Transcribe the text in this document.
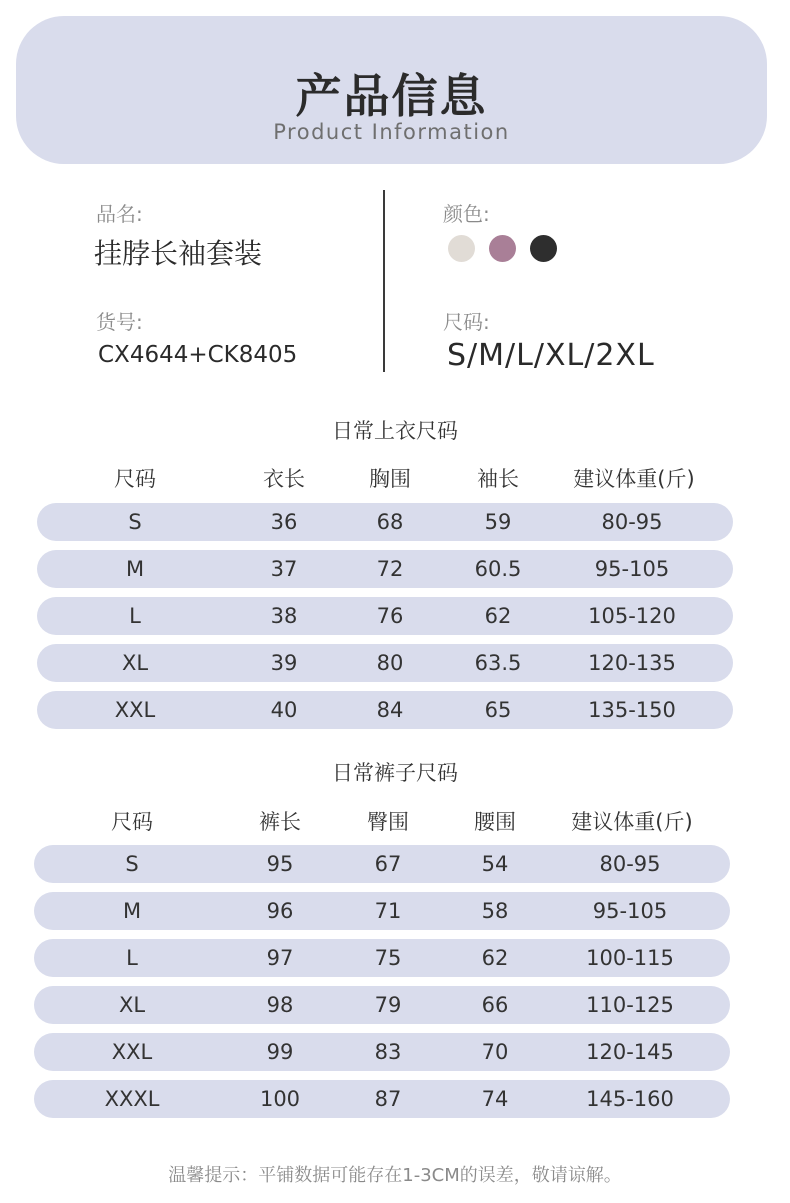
产品信息
Product Information
品名:
挂脖长袖套装
货号:
CX4644+CK8405
颜色:
尺码:
S/M/L/XL/2XL
日常上衣尺码
尺码	衣长	胸围	袖长	建议体重(斤)
S	36	68	59	80-95
M	37	72	60.5	95-105
L	38	76	62	105-120
XL	39	80	63.5	120-135
XXL	40	84	65	135-150
日常裤子尺码
尺码	裤长	臀围	腰围	建议体重(斤)
S	95	67	54	80-95
M	96	71	58	95-105
L	97	75	62	100-115
XL	98	79	66	110-125
XXL	99	83	70	120-145
XXXL	100	87	74	145-160
温馨提示：平铺数据可能存在1-3CM的误差，敬请谅解。
